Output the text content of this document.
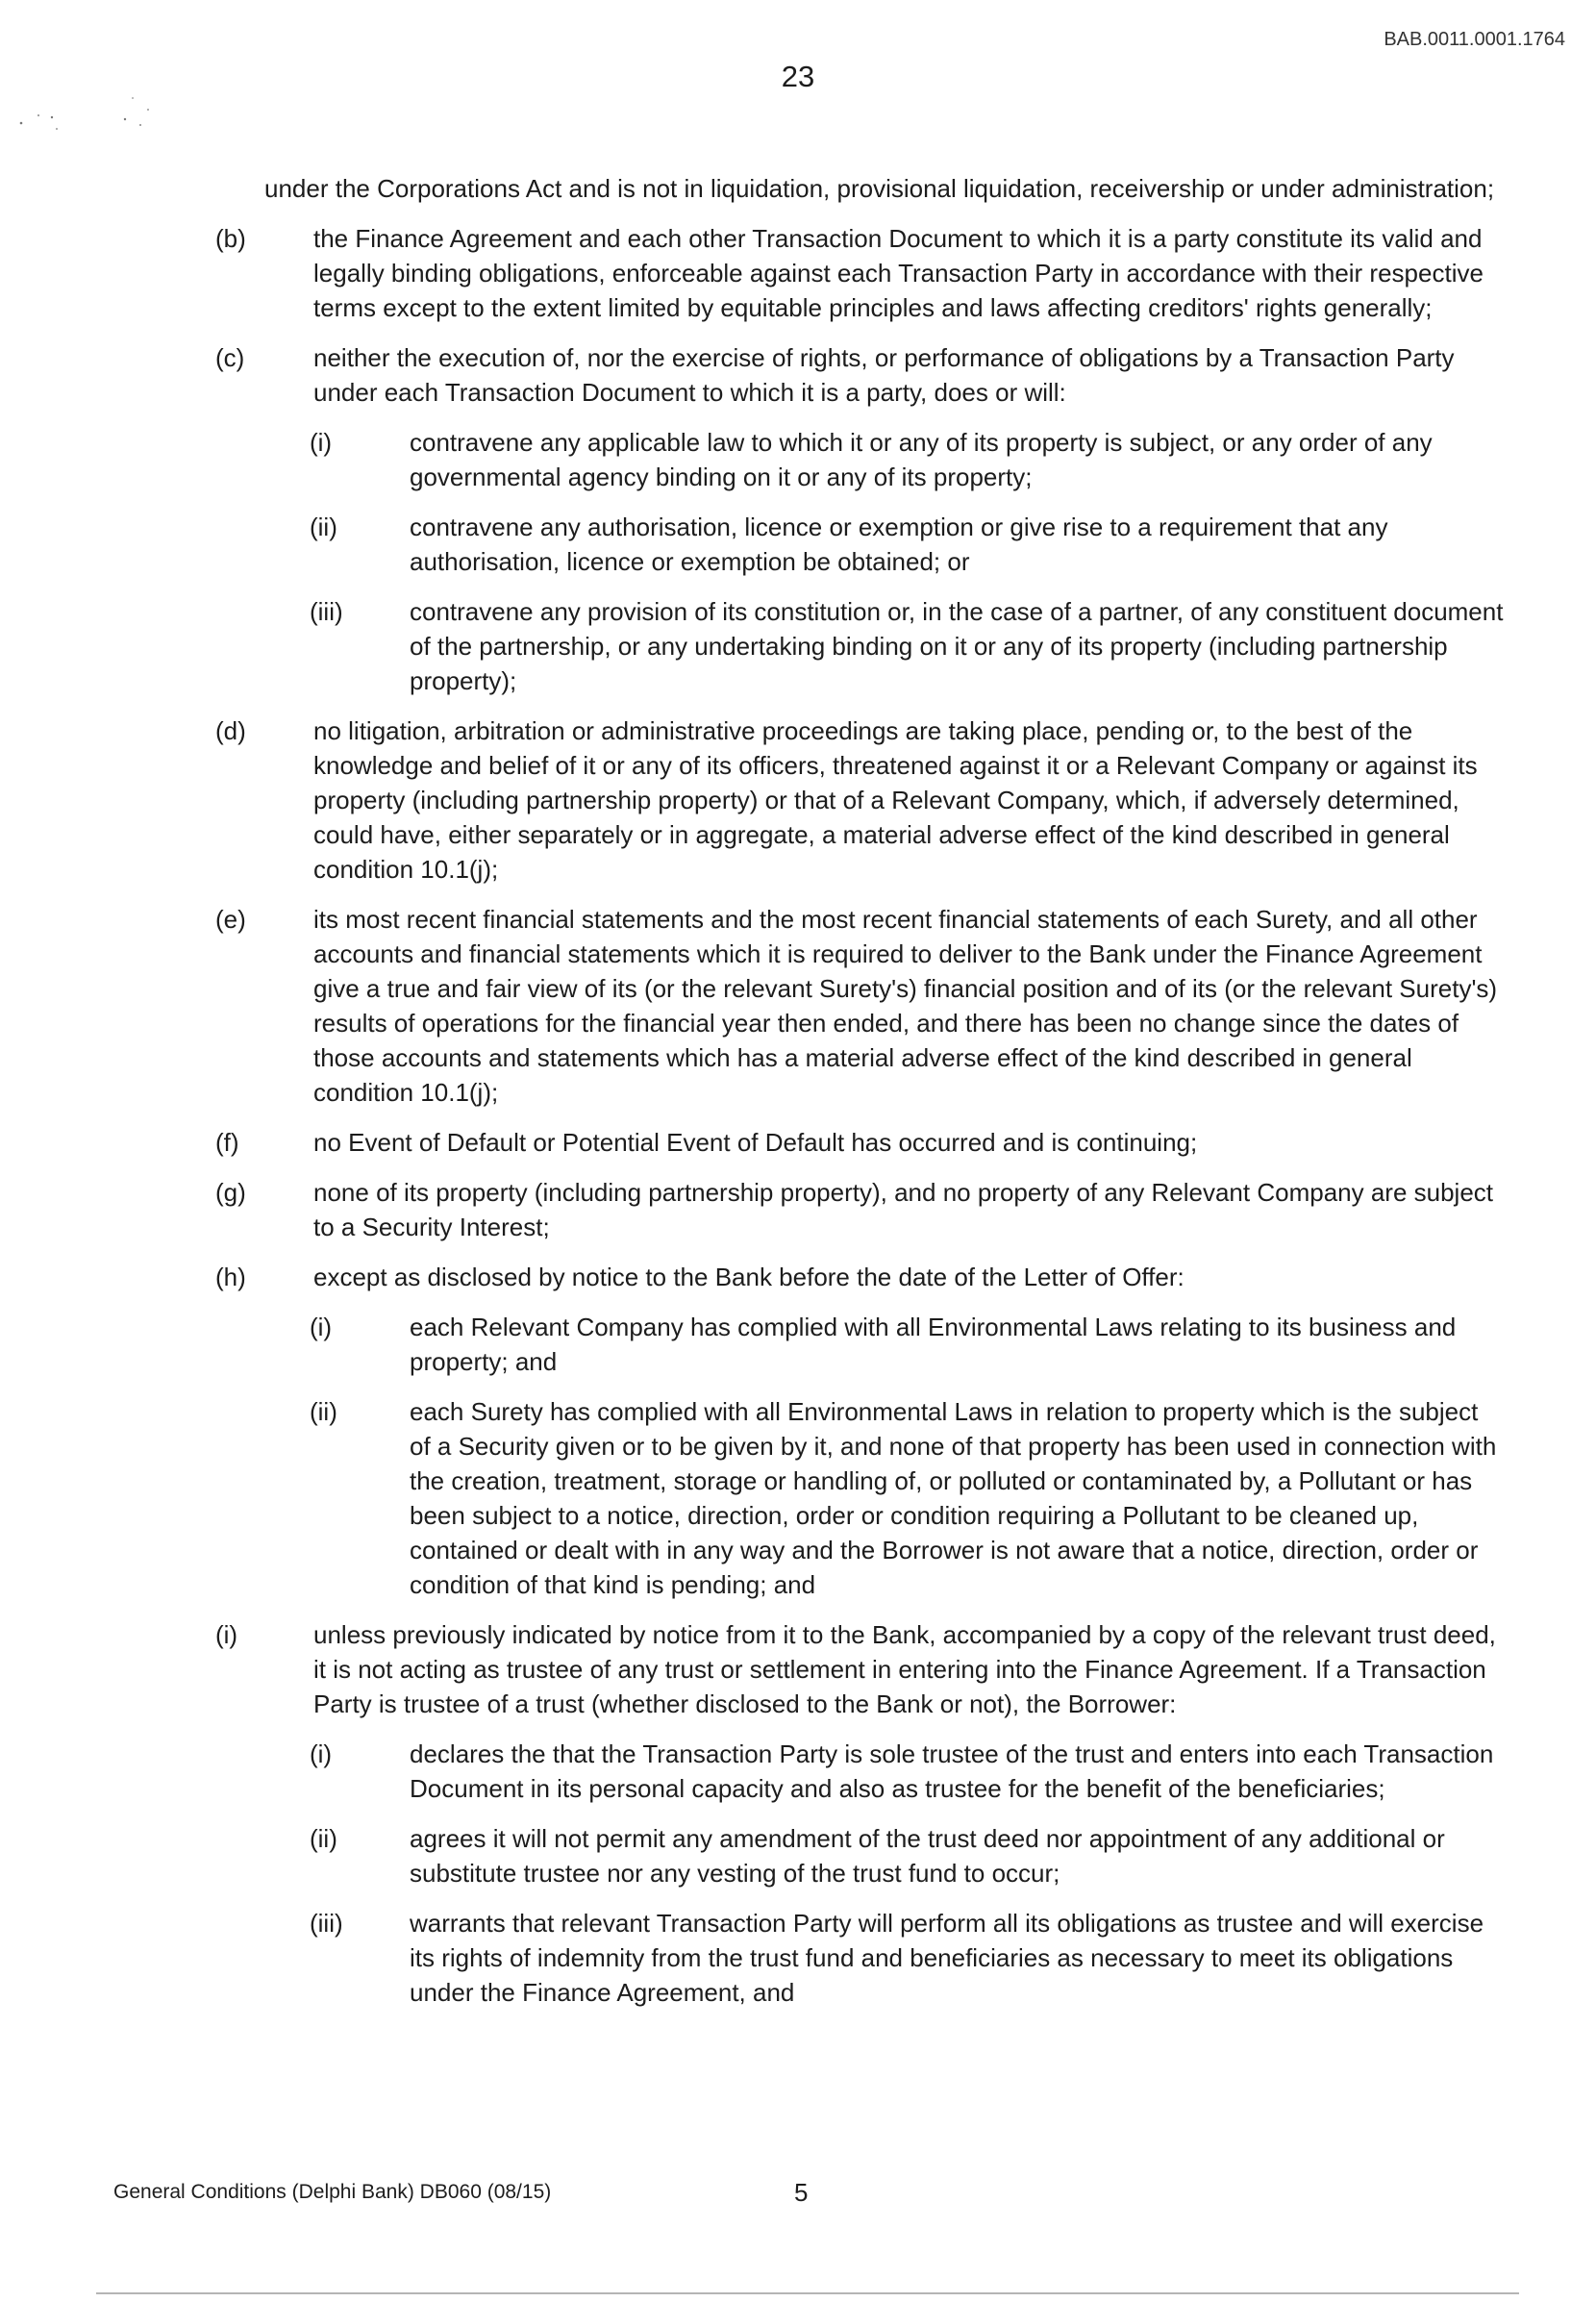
BAB.0011.0001.1764
23
under the Corporations Act and is not in liquidation, provisional liquidation, receivership or under administration;
(b)	the Finance Agreement and each other Transaction Document to which it is a party constitute its valid and legally binding obligations, enforceable against each Transaction Party in accordance with their respective terms except to the extent limited by equitable principles and laws affecting creditors' rights generally;
(c)	neither the execution of, nor the exercise of rights, or performance of obligations by a Transaction Party under each Transaction Document to which it is a party, does or will:
(i)	contravene any applicable law to which it or any of its property is subject, or any order of any governmental agency binding on it or any of its property;
(ii)	contravene any authorisation, licence or exemption or give rise to a requirement that any authorisation, licence or exemption be obtained; or
(iii)	contravene any provision of its constitution or, in the case of a partner, of any constituent document of the partnership, or any undertaking binding on it or any of its property (including partnership property);
(d)	no litigation, arbitration or administrative proceedings are taking place, pending or, to the best of the knowledge and belief of it or any of its officers, threatened against it or a Relevant Company or against its property (including partnership property) or that of a Relevant Company, which, if adversely determined, could have, either separately or in aggregate, a material adverse effect of the kind described in general condition 10.1(j);
(e)	its most recent financial statements and the most recent financial statements of each Surety, and all other accounts and financial statements which it is required to deliver to the Bank under the Finance Agreement give a true and fair view of its (or the relevant Surety's) financial position and of its (or the relevant Surety's) results of operations for the financial year then ended, and there has been no change since the dates of those accounts and statements which has a material adverse effect of the kind described in general condition 10.1(j);
(f)	no Event of Default or Potential Event of Default has occurred and is continuing;
(g)	none of its property (including partnership property), and no property of any Relevant Company are subject to a Security Interest;
(h)	except as disclosed by notice to the Bank before the date of the Letter of Offer:
(i)	each Relevant Company has complied with all Environmental Laws relating to its business and property; and
(ii)	each Surety has complied with all Environmental Laws in relation to property which is the subject of a Security given or to be given by it, and none of that property has been used in connection with the creation, treatment, storage or handling of, or polluted or contaminated by, a Pollutant or has been subject to a notice, direction, order or condition requiring a Pollutant to be cleaned up, contained or dealt with in any way and the Borrower is not aware that a notice, direction, order or condition of that kind is pending; and
(i)	unless previously indicated by notice from it to the Bank, accompanied by a copy of the relevant trust deed, it is not acting as trustee of any trust or settlement in entering into the Finance Agreement. If a Transaction Party is trustee of a trust (whether disclosed to the Bank or not), the Borrower:
(i)	declares the that the Transaction Party is sole trustee of the trust and enters into each Transaction Document in its personal capacity and also as trustee for the benefit of the beneficiaries;
(ii)	agrees it will not permit any amendment of the trust deed nor appointment of any additional or substitute trustee nor any vesting of the trust fund to occur;
(iii)	warrants that relevant Transaction Party will perform all its obligations as trustee and will exercise its rights of indemnity from the trust fund and beneficiaries as necessary to meet its obligations under the Finance Agreement, and
General Conditions (Delphi Bank) DB060 (08/15)	5
